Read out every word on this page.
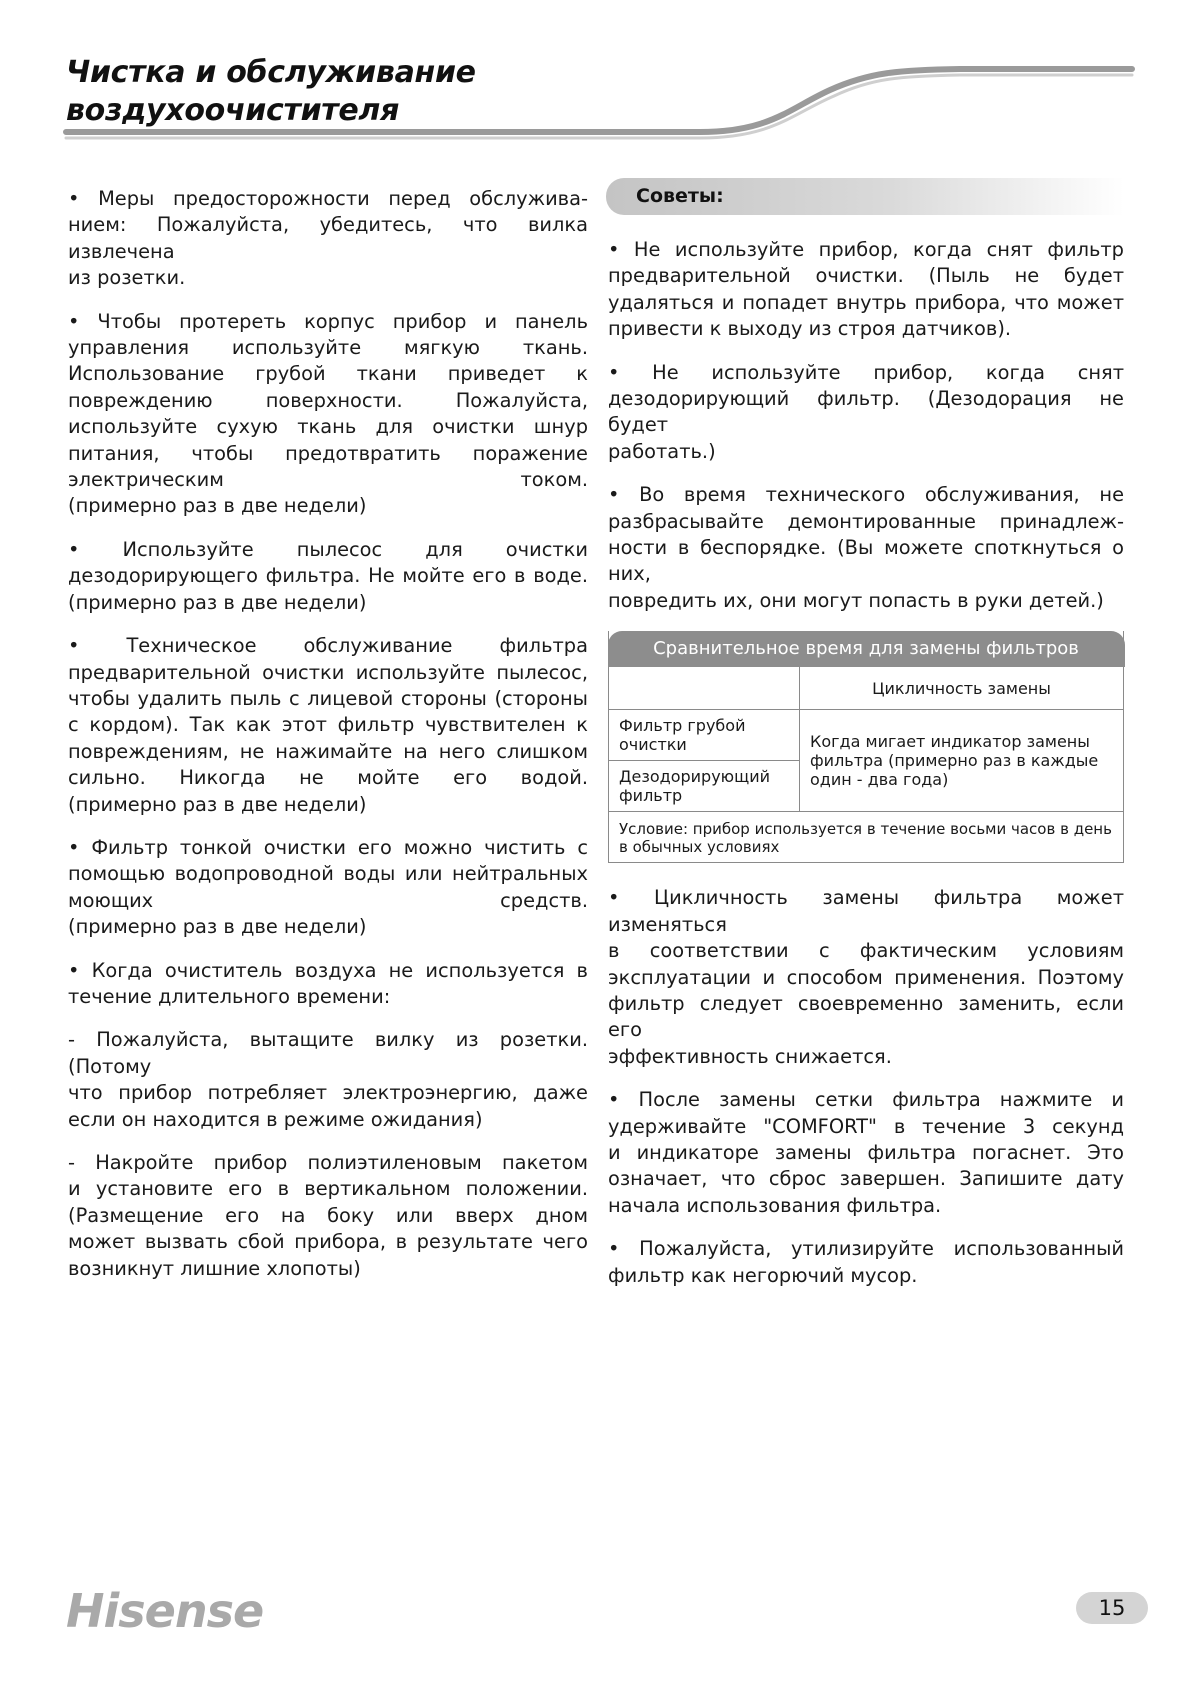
Чистка и обслуживание
воздухоочистителя

• Меры предосторожности перед обслужива-
нием: Пожалуйста, убедитесь, что вилка извлечена
из розетки.

• Чтобы протереть корпус прибор и панель
управления используйте мягкую ткань.
Использование грубой ткани приведет к
повреждению поверхности. Пожалуйста,
используйте сухую ткань для очистки шнур
питания, чтобы предотвратить поражение
электрическим током.
(примерно раз в две недели)

• Используйте пылесос для очистки
дезодорирующего фильтра. Не мойте его в воде.
(примерно раз в две недели)

• Техническое обслуживание фильтра
предварительной очистки используйте пылесос,
чтобы удалить пыль с лицевой стороны (стороны
с кордом). Так как этот фильтр чувствителен к
повреждениям, не нажимайте на него слишком
сильно. Никогда не мойте его водой.
(примерно раз в две недели)

• Фильтр тонкой очистки его можно чистить с
помощью водопроводной воды или нейтральных
моющих средств.
(примерно раз в две недели)

• Когда очиститель воздуха не используется в
течение длительного времени:

- Пожалуйста, вытащите вилку из розетки. (Потому
что прибор потребляет электроэнергию, даже
если он находится в режиме ожидания)

- Накройте прибор полиэтиленовым пакетом
и установите его в вертикальном положении.
(Размещение его на боку или вверх дном
может вызвать сбой прибора, в результате чего
возникнут лишние хлопоты)

Советы:

• Не используйте прибор, когда снят фильтр
предварительной очистки. (Пыль не будет
удаляться и попадет внутрь прибора, что может
привести к выходу из строя датчиков).

• Не используйте прибор, когда снят
дезодорирующий фильтр. (Дезодорация не будет
работать.)

• Во время технического обслуживания, не
разбрасывайте демонтированные принадлеж-
ности в беспорядке. (Вы можете споткнуться о них,
повредить их, они могут попасть в руки детей.)

Сравнительное время для замены фильтров
	Цикличность замены
Фильтр грубой очистки	Когда мигает индикатор замены фильтра (примерно раз в каждые один - два года)
Дезодорирующий фильтр	
Условие: прибор используется в течение восьми часов в день в обычных условиях	

• Цикличность замены фильтра может изменяться
в соответствии с фактическим условиям
эксплуатации и способом применения. Поэтому
фильтр следует своевременно заменить, если его
эффективность снижается.

• После замены сетки фильтра нажмите и
удерживайте "COMFORT" в течение 3 секунд
и индикаторе замены фильтра погаснет. Это
означает, что сброс завершен. Запишите дату
начала использования фильтра.

• Пожалуйста, утилизируйте использованный
фильтр как негорючий мусор.

Hisense	15
